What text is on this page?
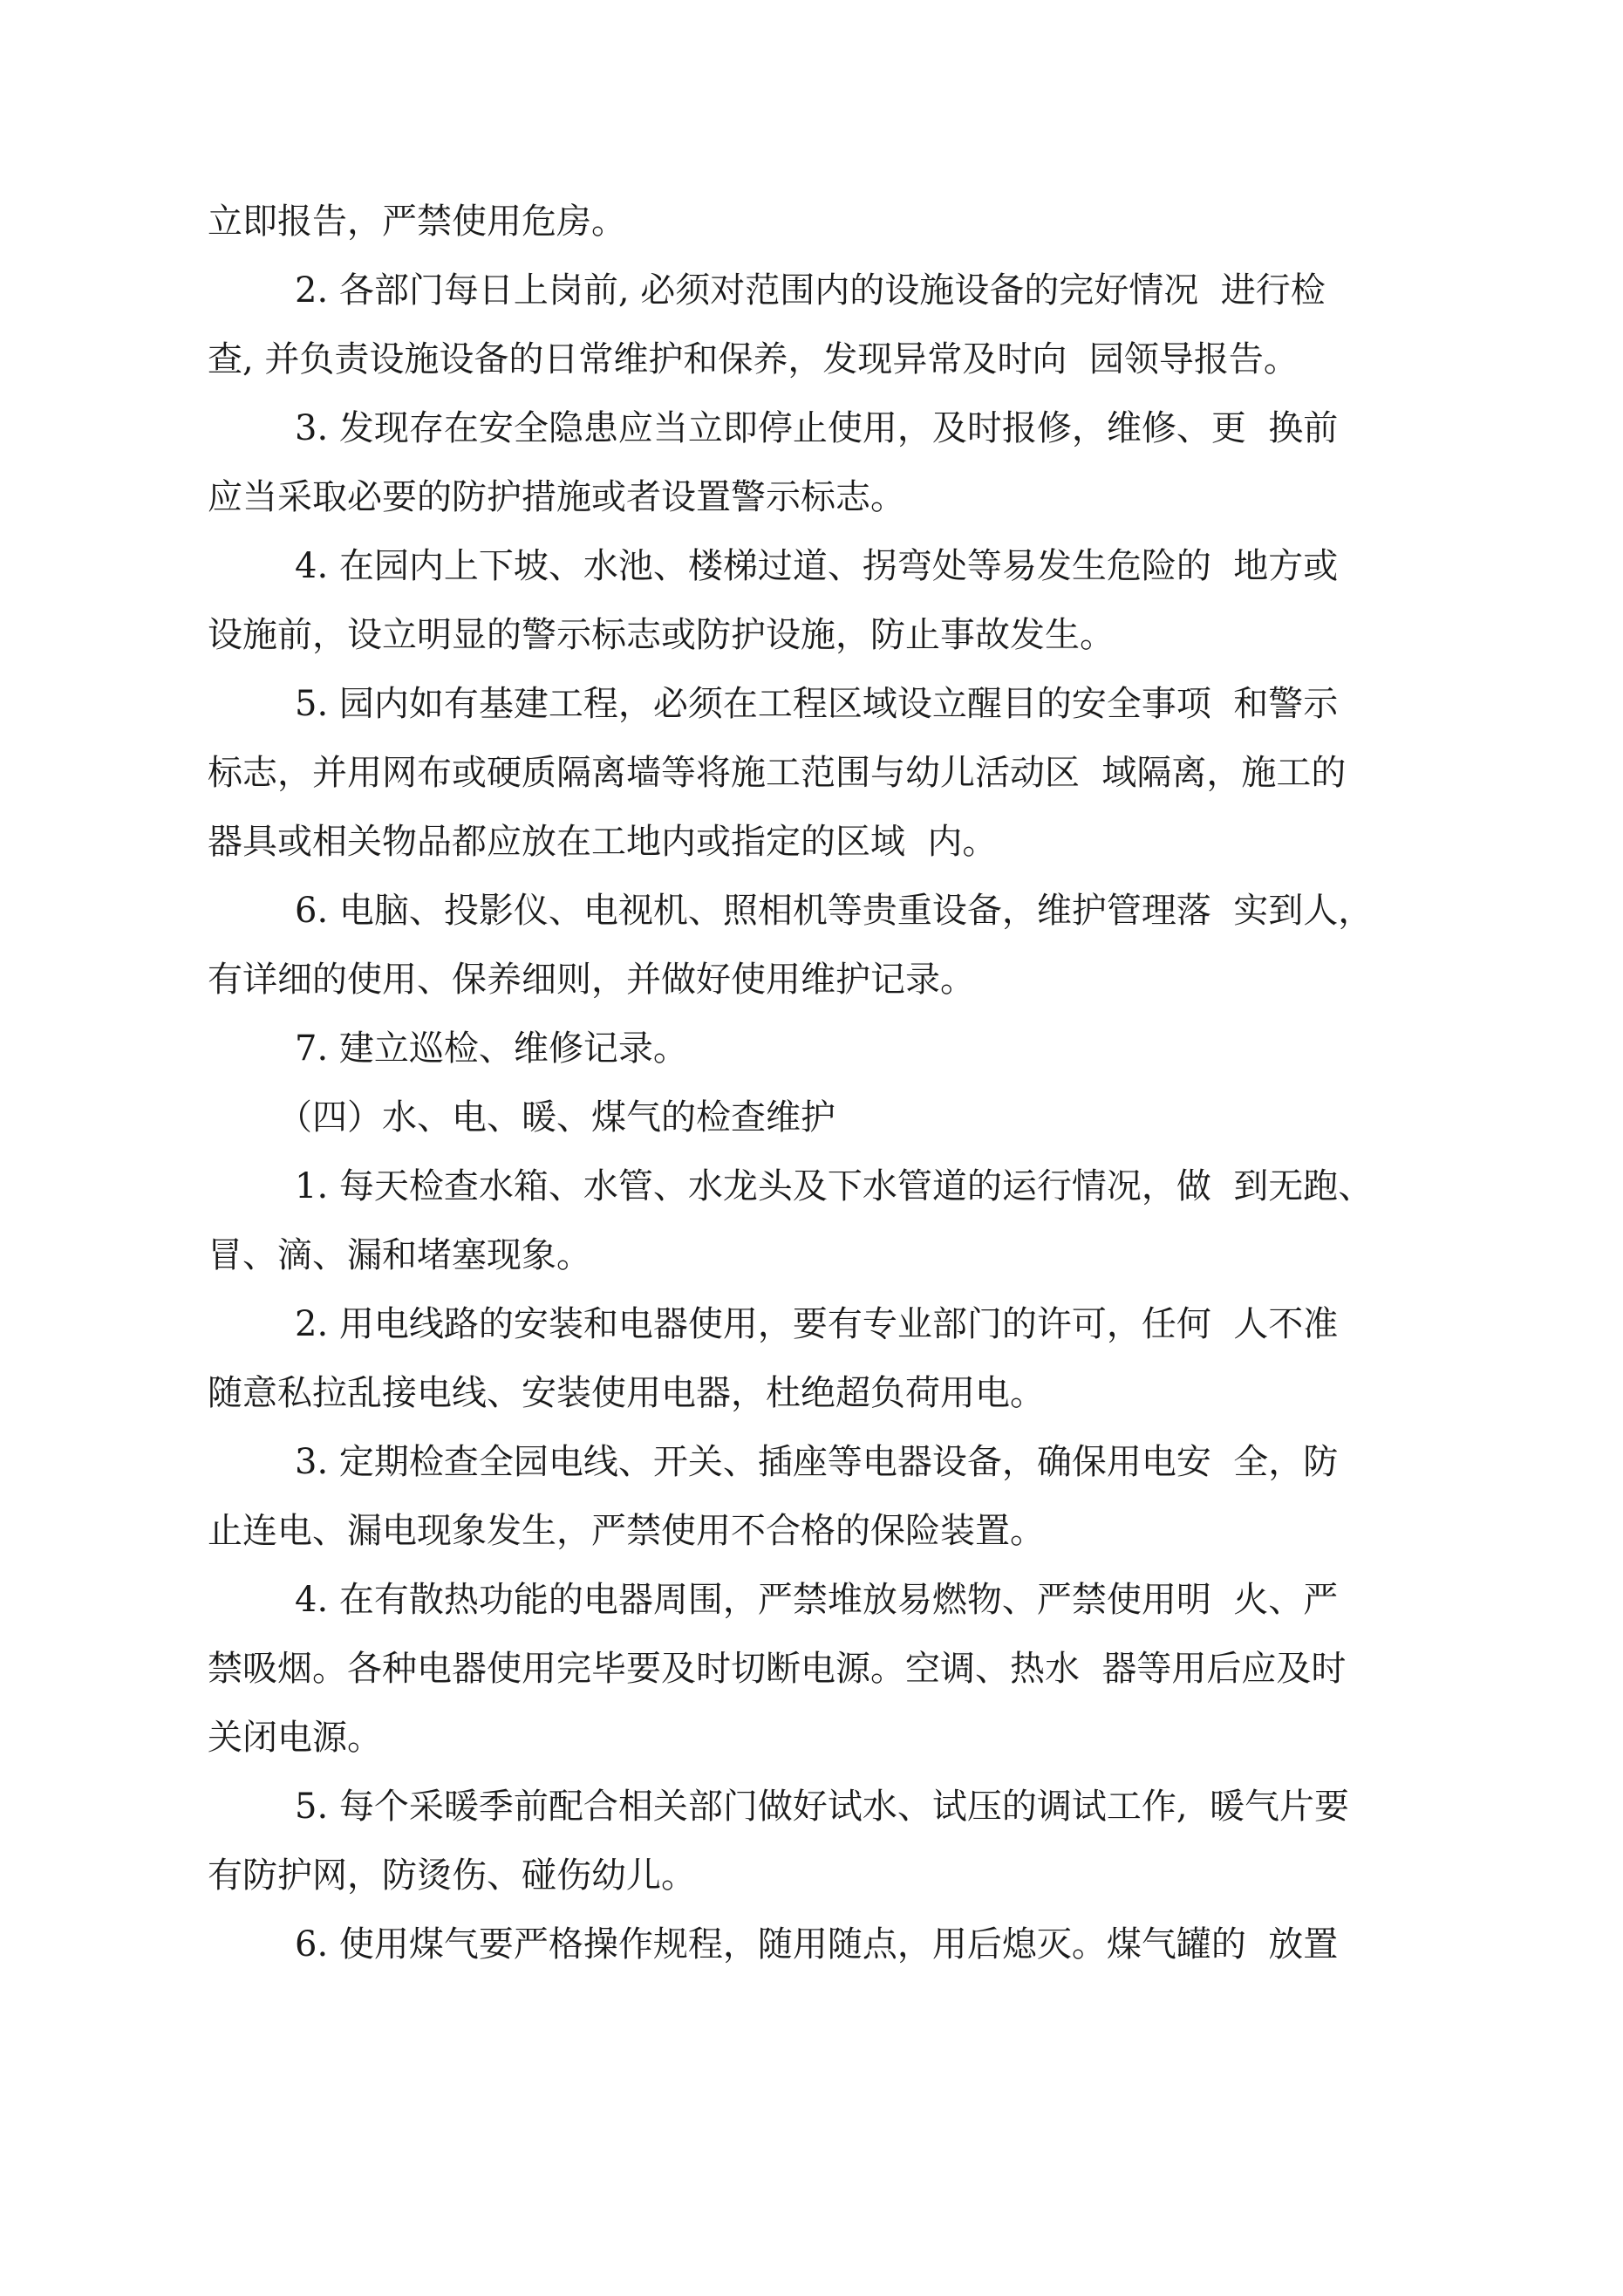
立即报告，严禁使用危房。

2. 各部门每日上岗前, 必须对范围内的设施设备的完好情况  进行检
查, 并负责设施设备的日常维护和保养，发现异常及时向  园领导报告。

3. 发现存在安全隐患应当立即停止使用，及时报修，维修、更  换前
应当采取必要的防护措施或者设置警示标志。

4. 在园内上下坡、水池、楼梯过道、拐弯处等易发生危险的  地方或
设施前，设立明显的警示标志或防护设施，防止事故发生。

5. 园内如有基建工程，必须在工程区域设立醒目的安全事项  和警示
标志，并用网布或硬质隔离墙等将施工范围与幼儿活动区  域隔离，施工的
器具或相关物品都应放在工地内或指定的区域  内。

6. 电脑、投影仪、电视机、照相机等贵重设备，维护管理落  实到人，
有详细的使用、保养细则，并做好使用维护记录。

7. 建立巡检、维修记录。

（四）水、电、暖、煤气的检查维护

1. 每天检查水箱、水管、水龙头及下水管道的运行情况，做  到无跑、
冒、滴、漏和堵塞现象。

2. 用电线路的安装和电器使用，要有专业部门的许可，任何  人不准
随意私拉乱接电线、安装使用电器，杜绝超负荷用电。

3. 定期检查全园电线、开关、插座等电器设备，确保用电安  全，防
止连电、漏电现象发生，严禁使用不合格的保险装置。

4. 在有散热功能的电器周围，严禁堆放易燃物、严禁使用明  火、严
禁吸烟。各种电器使用完毕要及时切断电源。空调、热水  器等用后应及时
关闭电源。

5. 每个采暖季前配合相关部门做好试水、试压的调试工作,  暖气片要
有防护网，防烫伤、碰伤幼儿。

6. 使用煤气要严格操作规程，随用随点，用后熄灭。煤气罐的  放置
